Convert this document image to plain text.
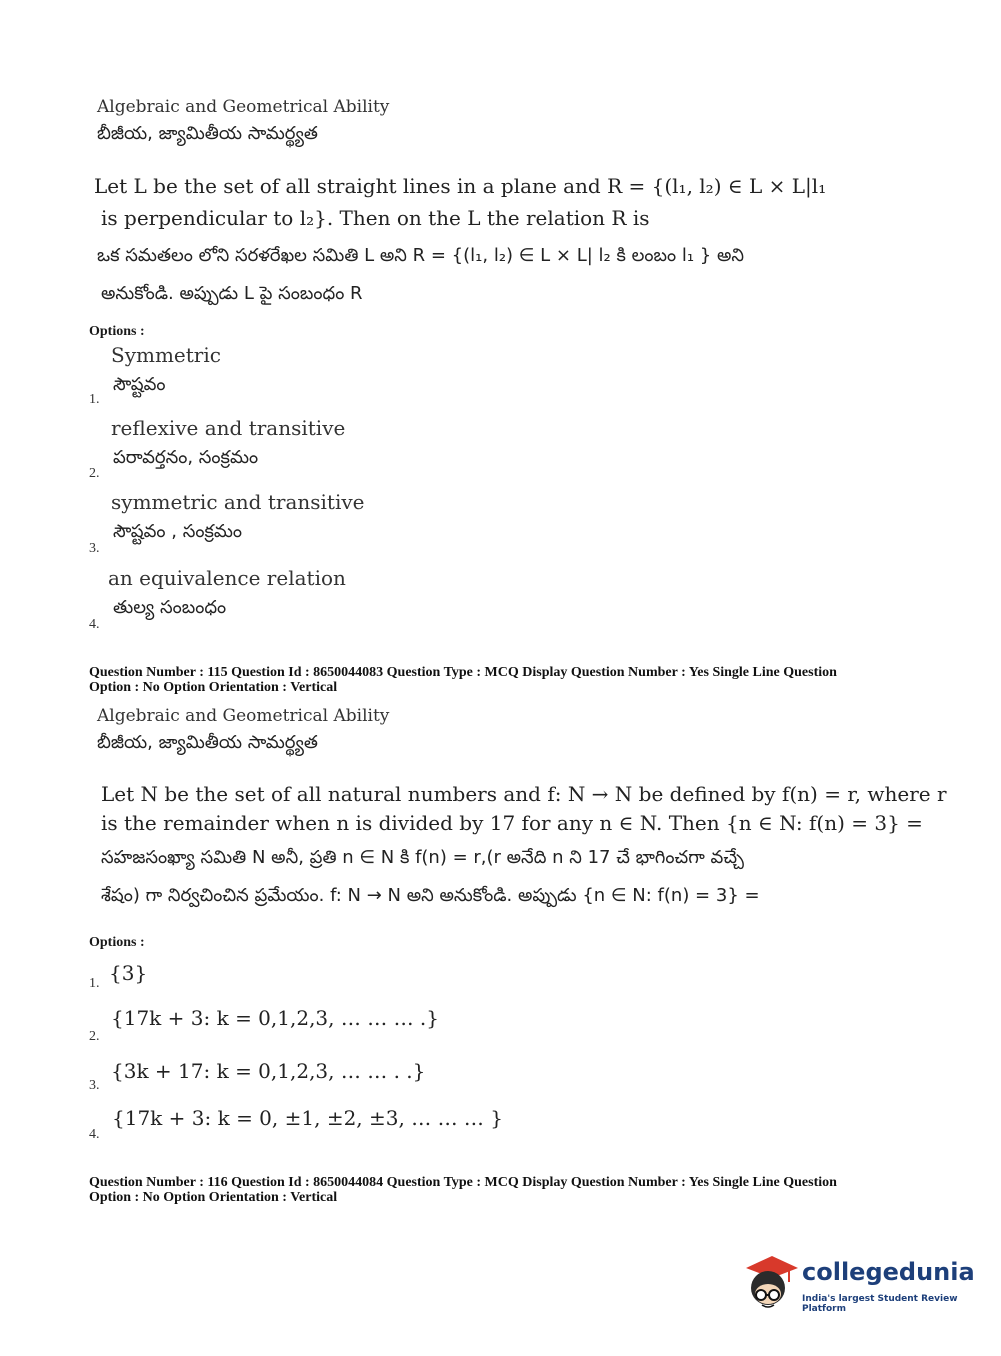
Algebraic and Geometrical Ability
బీజీయ, జ్యామితీయ సామర్థ్యత
Let L be the set of all straight lines in a plane and R = {(l₁, l₂) ∈ L × L|l₁
is perpendicular to l₂}. Then on the L the relation R is
ఒక సమతలం లోని సరళరేఖల సమితి L అని R = {(l₁, l₂) ∈ L × L| l₂ కి లంబం l₁ } అని
అనుకోండి. అప్పుడు L పై సంబంధం R
Options :
Symmetric
సౌష్టవం
1.
reflexive and transitive
పరావర్తనం, సంక్రమం
2.
symmetric and transitive
సౌష్టవం , సంక్రమం
3.
an equivalence relation
తుల్య సంబంధం
4.
Question Number : 115 Question Id : 8650044083 Question Type : MCQ Display Question Number : Yes Single Line Question
Option : No Option Orientation : Vertical
Algebraic and Geometrical Ability
బీజీయ, జ్యామితీయ సామర్థ్యత
Let N be the set of all natural numbers and f: N → N be defined by f(n) = r, where r
is the remainder when n is divided by 17 for any n ∈ N. Then {n ∈ N: f(n) = 3} =
సహజసంఖ్యా సమితి N అనీ, ప్రతి n ∈ N కి f(n) = r,(r అనేది n ని 17 చే భాగించగా వచ్చే
శేషం) గా నిర్వచించిన ప్రమేయం. f: N → N అని అనుకోండి. అప్పుడు {n ∈ N: f(n) = 3} =
Options :
{3}
1.
{17k + 3: k = 0,1,2,3, … … … .}
2.
{3k + 17: k = 0,1,2,3, … … . .}
3.
{17k + 3: k = 0, ±1, ±2, ±3, … … … }
4.
Question Number : 116 Question Id : 8650044084 Question Type : MCQ Display Question Number : Yes Single Line Question
Option : No Option Orientation : Vertical
collegedunia
India's largest Student Review Platform
